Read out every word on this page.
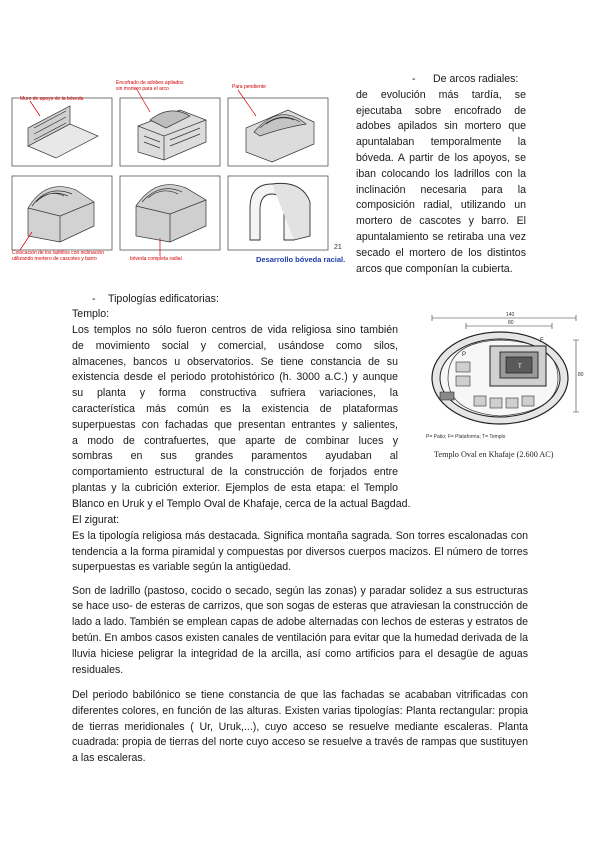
Muro de apoyo de la bóveda
Encofrado de adobes apilados
sin mortero para el arco	Para pendiente
Colocación de los ladrillos con inclinación
utilizando mortero de cascotes y barro	bóveda completa radial
21
Desarrollo bóveda racial.
- De arcos radiales:
de evolución más tardía, se ejecutaba sobre encofrado de adobes apilados sin mortero que apuntalaban temporalmente la bóveda. A partir de los apoyos, se iban colocando los ladrillos con la inclinación necesaria para la composición radial, utilizando un mortero de cascotes y barro. El apuntalamiento se retiraba una vez secado el mortero de los distintos arcos que componían la cubierta.
- Tipologías edificatorias:
Templo:
Los templos no sólo fueron centros de vida religiosa sino también
de movimiento social y comercial, usándose como silos,
almacenes, bancos u observatorios. Se tiene constancia de su
existencia desde el periodo protohistórico (h. 3000 a.C.) y aunque
su planta y forma constructiva sufriera variaciones, la
característica más común es la existencia de plataformas
superpuestas con fachadas que presentan entrantes y salientes,
a modo de contrafuertes, que aparte de combinar luces y
sombras en sus grandes paramentos ayudaban al
comportamiento estructural de la construcción de forjados entre
plantas y la cubrición exterior. Ejemplos de esta etapa: el Templo
Blanco en Uruk y el Templo Oval de Khafaje, cerca de la actual Bagdad.
P
F
T
140
80
80
P= Patio; F= Plataforma; T= Templo
Templo Oval en Khafaje (2.600 AC)
El zigurat:
Es la tipología religiosa más destacada. Significa montaña sagrada. Son torres escalonadas con tendencia a la forma piramidal y compuestas por diversos cuerpos macizos. El número de torres superpuestas es variable según la antigüedad.
Son de ladrillo (pastoso, cocido o secado, según las zonas) y paradar solidez a sus estructuras se hace uso- de esteras de carrizos, que son sogas de esteras que atraviesan la construcción de lado a lado. También se emplean capas de adobe alternadas con lechos de esteras y estratos de betún. En ambos casos existen canales de ventilación para evitar que la humedad derivada de la lluvia hiciese peligrar la integridad de la arcilla, así como artificios para el desagüe de aguas residuales.
Del periodo babilónico se tiene constancia de que las fachadas se acababan vitrificadas con diferentes colores, en función de las alturas. Existen varias tipologías: Planta rectangular: propia de tierras meridionales ( Ur, Uruk,...), cuyo acceso se resuelve mediante escaleras. Planta cuadrada: propia de tierras del norte cuyo acceso se resuelve a través de rampas que sustituyen a las escaleras.
